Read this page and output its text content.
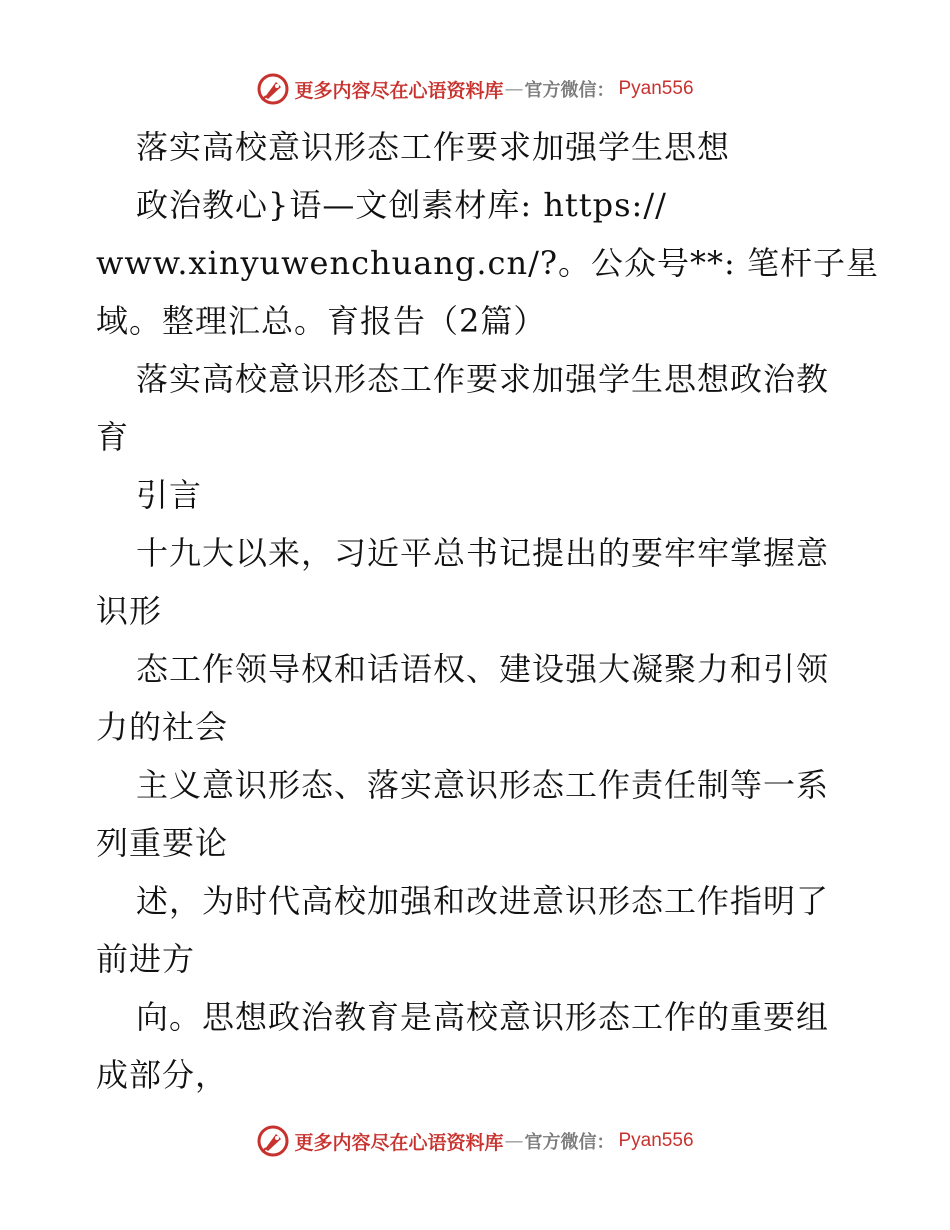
更多内容尽在心语资料库 — 官方微信： Pyan556
落实高校意识形态工作要求加强学生思想
政治教心}语—文创素材库: https://
www.xinyuwenchuang.cn/?。公众号**: 笔杆子星
域。整理汇总。育报告（2篇）
落实高校意识形态工作要求加强学生思想政治教
育
引言
十九大以来，习近平总书记提出的要牢牢掌握意
识形
态工作领导权和话语权、建设强大凝聚力和引领
力的社会
主义意识形态、落实意识形态工作责任制等一系
列重要论
述，为时代高校加强和改进意识形态工作指明了
前进方
向。思想政治教育是高校意识形态工作的重要组
成部分，
更多内容尽在心语资料库 — 官方微信： Pyan556
